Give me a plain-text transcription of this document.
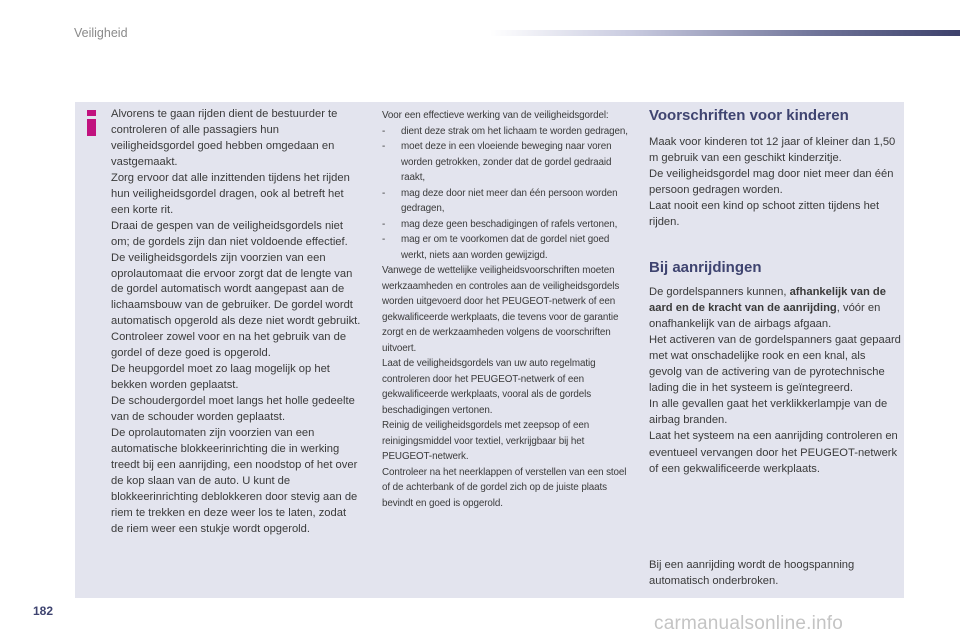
Veiligheid

Alvorens te gaan rijden dient de bestuurder te controleren of alle passagiers hun veiligheidsgordel goed hebben omgedaan en vastgemaakt.

Zorg ervoor dat alle inzittenden tijdens het rijden hun veiligheidsgordel dragen, ook al betreft het een korte rit.

Draai de gespen van de veiligheidsgordels niet om; de gordels zijn dan niet voldoende effectief.

De veiligheidsgordels zijn voorzien van een oprolautomaat die ervoor zorgt dat de lengte van de gordel automatisch wordt aangepast aan de lichaamsbouw van de gebruiker. De gordel wordt automatisch opgerold als deze niet wordt gebruikt.

Controleer zowel voor en na het gebruik van de gordel of deze goed is opgerold.

De heupgordel moet zo laag mogelijk op het bekken worden geplaatst.

De schoudergordel moet langs het holle gedeelte van de schouder worden geplaatst.

De oprolautomaten zijn voorzien van een automatische blokkeerinrichting die in werking treedt bij een aanrijding, een noodstop of het over de kop slaan van de auto. U kunt de blokkeerinrichting deblokkeren door stevig aan de riem te trekken en deze weer los te laten, zodat de riem weer een stukje wordt opgerold.

Voor een effectieve werking van de veiligheidsgordel:

- dient deze strak om het lichaam te worden gedragen,

- moet deze in een vloeiende beweging naar voren worden getrokken, zonder dat de gordel gedraaid raakt,

- mag deze door niet meer dan één persoon worden gedragen,

- mag deze geen beschadigingen of rafels vertonen,

- mag er om te voorkomen dat de gordel niet goed werkt, niets aan worden gewijzigd.

Vanwege de wettelijke veiligheidsvoorschriften moeten werkzaamheden en controles aan de veiligheidsgordels worden uitgevoerd door het PEUGEOT-netwerk of een gekwalificeerde werkplaats, die tevens voor de garantie zorgt en de werkzaamheden volgens de voorschriften uitvoert.

Laat de veiligheidsgordels van uw auto regelmatig controleren door het PEUGEOT-netwerk of een gekwalificeerde werkplaats, vooral als de gordels beschadigingen vertonen.

Reinig de veiligheidsgordels met zeepsop of een reinigingsmiddel voor textiel, verkrijgbaar bij het PEUGEOT-netwerk.

Controleer na het neerklappen of verstellen van een stoel of de achterbank of de gordel zich op de juiste plaats bevindt en goed is opgerold.

Voorschriften voor kinderen

Maak voor kinderen tot 12 jaar of kleiner dan 1,50 m gebruik van een geschikt kinderzitje.

De veiligheidsgordel mag door niet meer dan één persoon gedragen worden.

Laat nooit een kind op schoot zitten tijdens het rijden.

Bij aanrijdingen

De gordelspanners kunnen, afhankelijk van de aard en de kracht van de aanrijding, vóór en onafhankelijk van de airbags afgaan.

Het activeren van de gordelspanners gaat gepaard met wat onschadelijke rook en een knal, als gevolg van de activering van de pyrotechnische lading die in het systeem is geïntegreerd.

In alle gevallen gaat het verklikkerlampje van de airbag branden.

Laat het systeem na een aanrijding controleren en eventueel vervangen door het PEUGEOT-netwerk of een gekwalificeerde werkplaats.

Bij een aanrijding wordt de hoogspanning automatisch onderbroken.

182
carmanualsonline.info
